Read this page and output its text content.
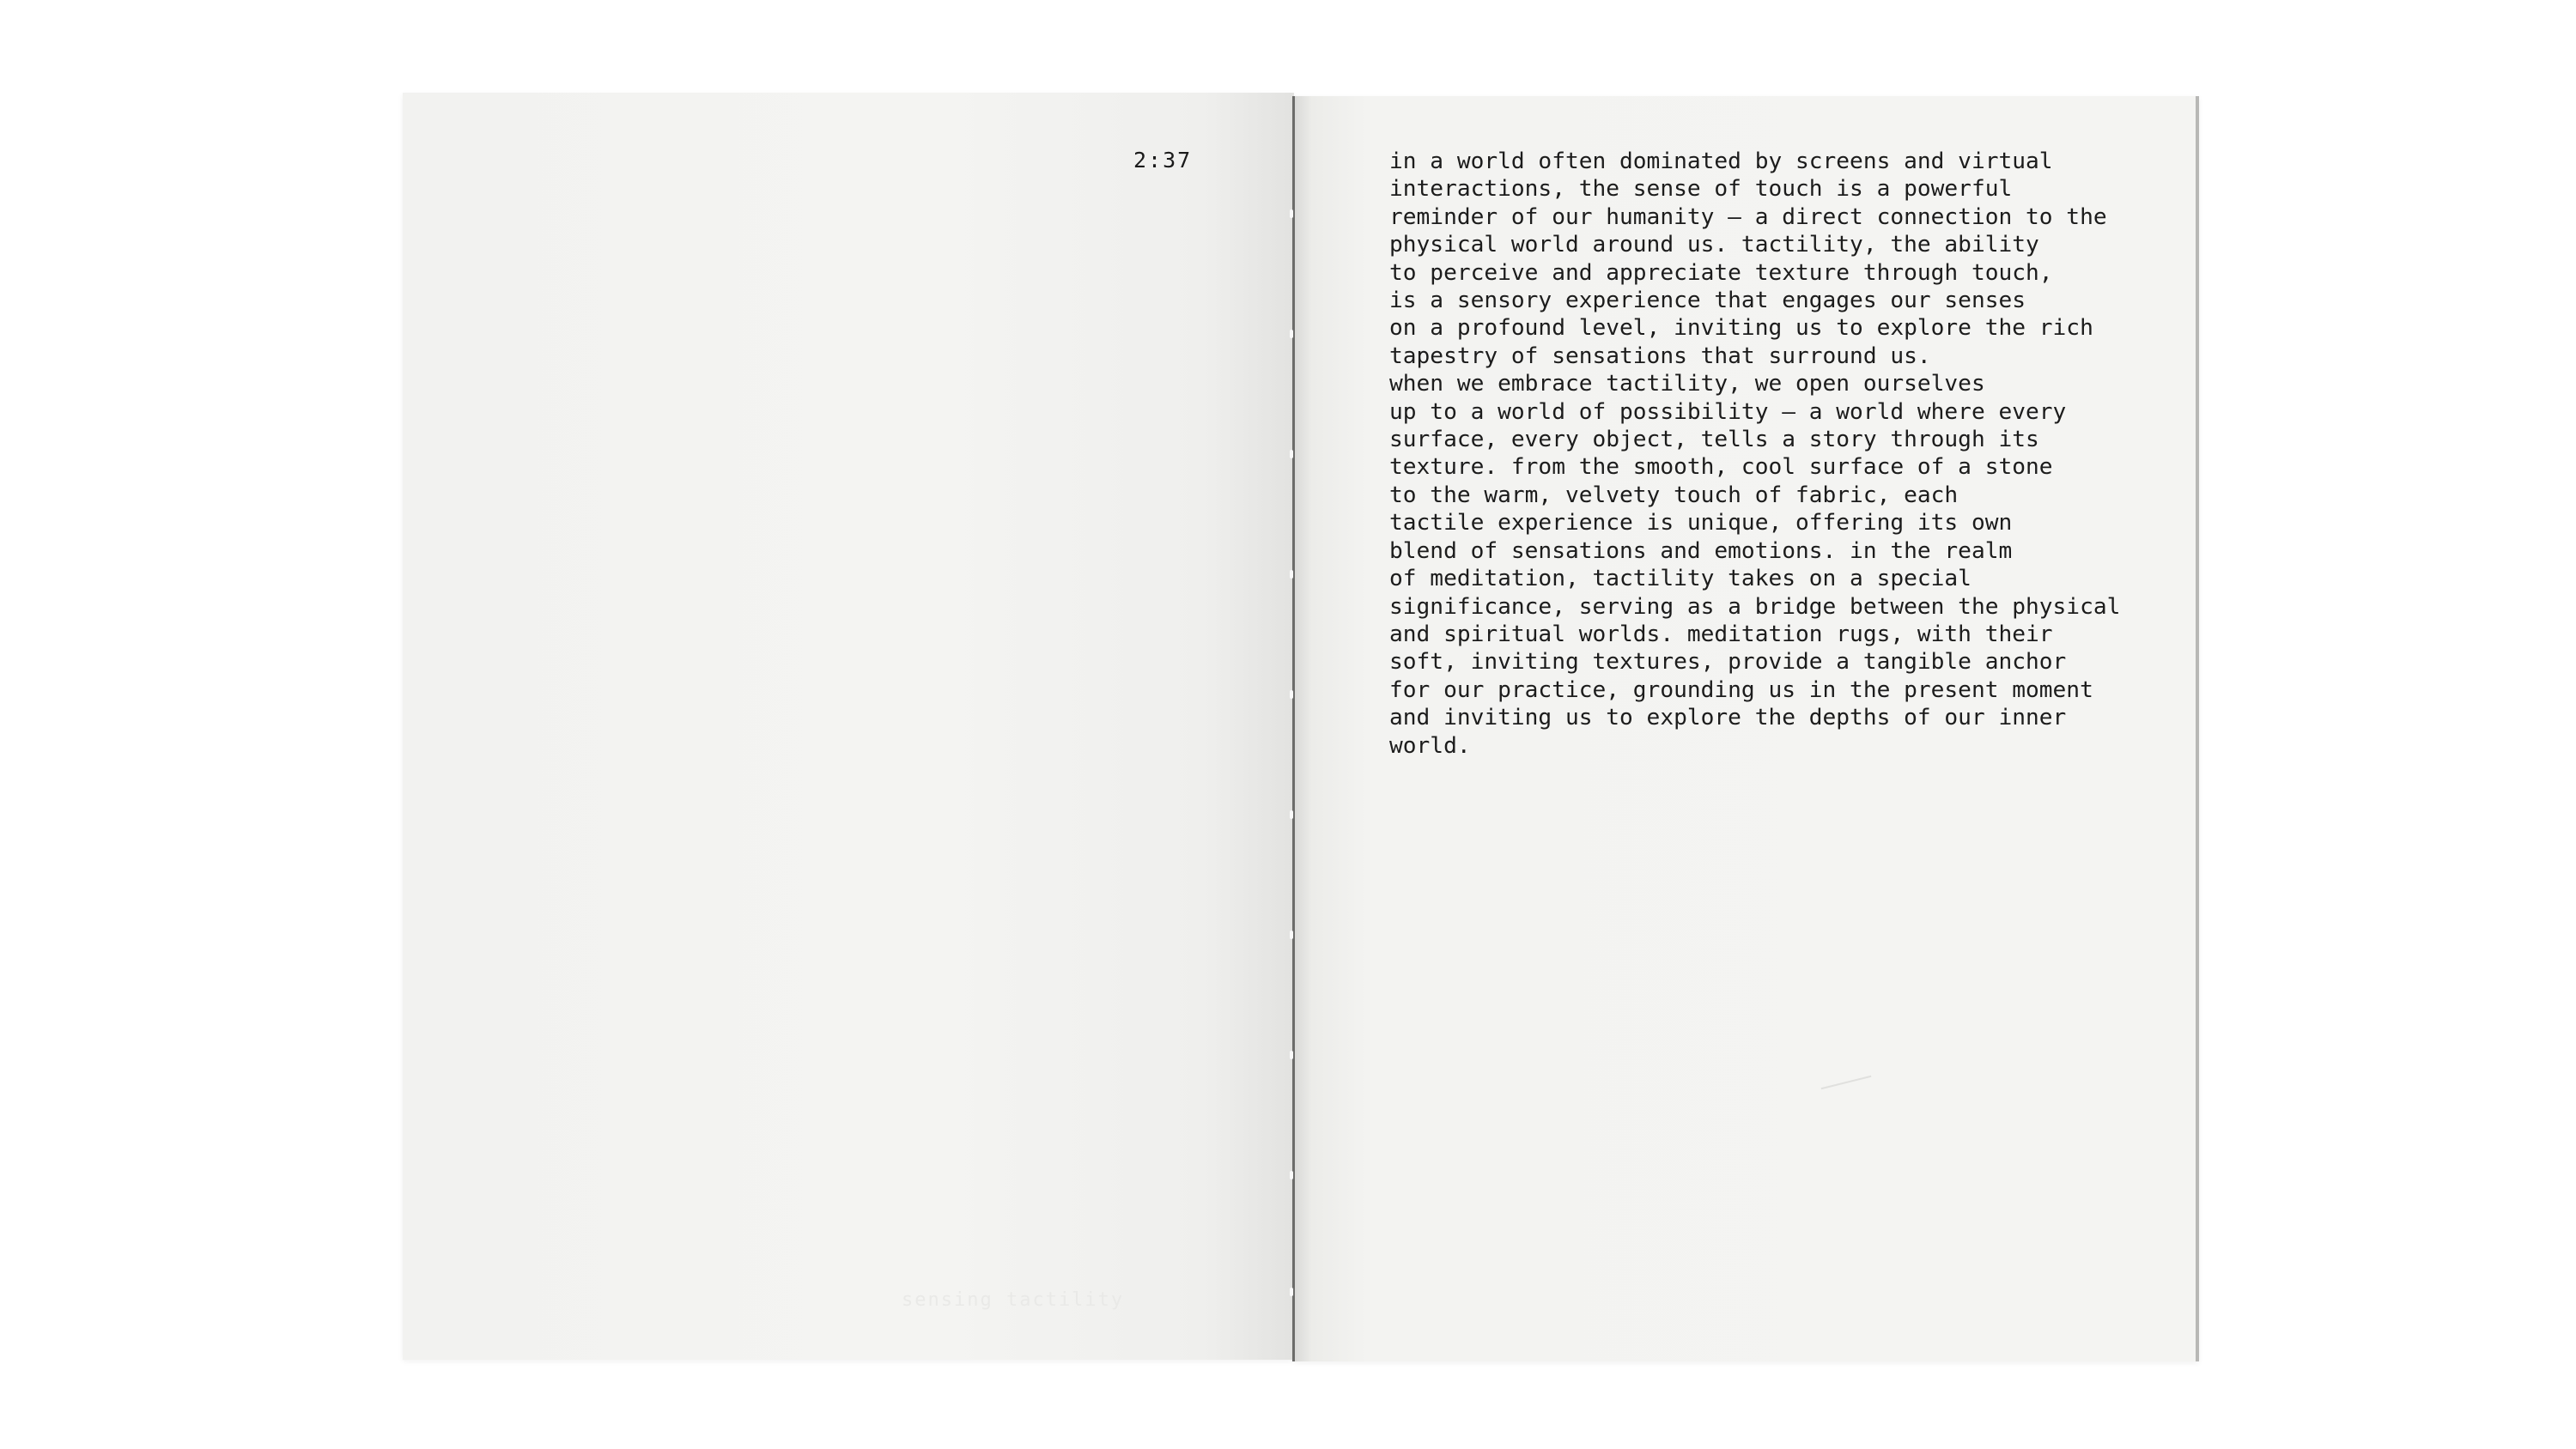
2:37

sensing tactility

in a world often dominated by screens and virtual
interactions, the sense of touch is a powerful
reminder of our humanity — a direct connection to the
physical world around us. tactility, the ability
to perceive and appreciate texture through touch,
is a sensory experience that engages our senses
on a profound level, inviting us to explore the rich
tapestry of sensations that surround us.
when we embrace tactility, we open ourselves
up to a world of possibility — a world where every
surface, every object, tells a story through its
texture. from the smooth, cool surface of a stone
to the warm, velvety touch of fabric, each
tactile experience is unique, offering its own
blend of sensations and emotions. in the realm
of meditation, tactility takes on a special
significance, serving as a bridge between the physical
and spiritual worlds. meditation rugs, with their
soft, inviting textures, provide a tangible anchor
for our practice, grounding us in the present moment
and inviting us to explore the depths of our inner
world.
